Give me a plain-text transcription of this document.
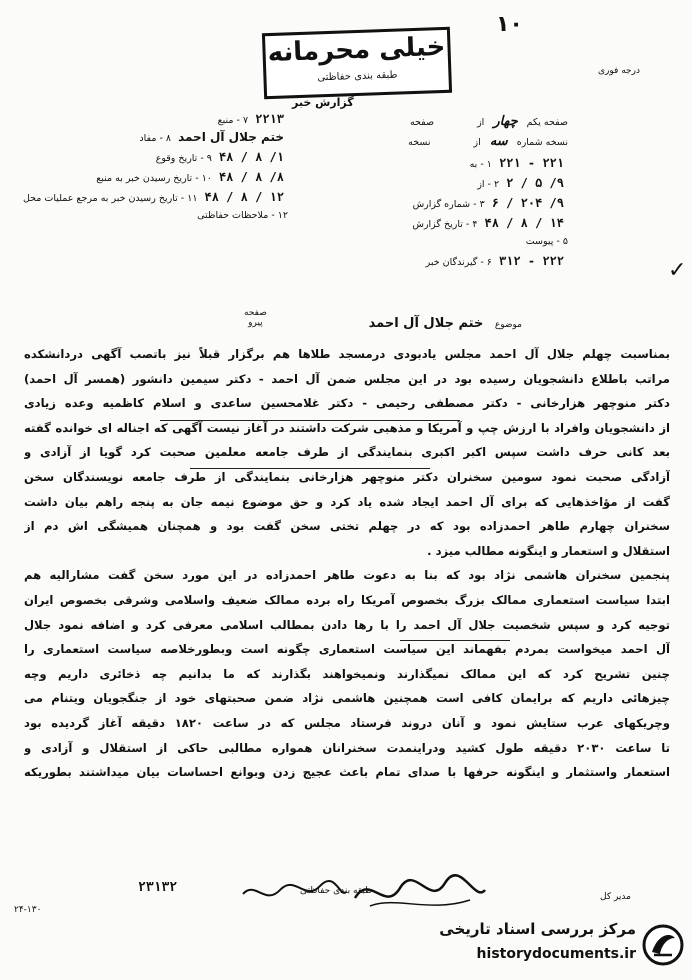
۱۰
خیلی محرمانه
طبقه بندی حفاظتی
گزارش خبر
درجه فوری
صفحه یکم چهار از صفحه
نسخه شماره سه از نسخه
۱ - به ۲۲۱ - ۲۲۱
۲ - از ۹/ ۵ / ۲
۳ - شماره گزارش ۹/ ۲۰۴ / ۶
۴ - تاریخ گزارش ۱۴ / ۸ / ۴۸
۵ - پیوست
۶ - گیرندگان خبر ۲۲۲ - ۳۱۲
۷ - منبع ۲۲۱۳
۸ - مفاد ختم جلال آل احمد
۹ - تاریخ وقوع ۱/ ۸ / ۴۸
۱۰ - تاریخ رسیدن خبر به منبع ۸/ ۸ / ۴۸
۱۱ - تاریخ رسیدن خبر به مرجع عملیات محل ۱۲ / ۸ / ۴۸
۱۲ - ملاحظات حفاظتی
✓
صفحه
پیرو	موضوع ختم جلال آل احمد
بمناسبت چهلم جلال آل احمد مجلس یادبودی درمسجد طلاها هم برگزار قبلاً نیز باتصب آگهی دردانشکده
مراتب باطلاع دانشجویان رسیده بود در این مجلس ضمن آل احمد - دکتر سیمین دانشور (همسر آل احمد)
دکتر منوچهر هزارخانی - دکتر مصطفی رحیمی - دکتر غلامحسین ساعدی و اسلام کاظمیه وعده زیادی
از دانشجویان وافراد با ارزش چپ و آمریکا و مذهبی شرکت داشتند در آغاز نیست آگهی که اجناله ای خوانده گفته
بعد کانی حرف داشت سپس اکبر اکبری بنمایندگی از طرف جامعه معلمین صحبت کرد گویا از آزادی و
آزادگی صحبت نمود سومین سخنران دکتر منوچهر هزارخانی بنمایندگی از طرف جامعه نویسندگان سخن
گفت از مؤاخذهایی که برای آل احمد ایجاد شده یاد کرد و حق موضوع نیمه جان به پنجه راهم بیان داشت
سخنران چهارم طاهر احمدزاده بود که در چهلم تختی سخن گفت بود و همچنان همیشگی اش دم از
استقلال و استعمار و اینگونه مطالب میزد .
پنجمین سخنران هاشمی نژاد بود که بنا به دعوت طاهر احمدزاده در این مورد سخن گفت مشارالیه هم
ابتدا سیاست استعماری ممالک بزرگ بخصوص آمریکا راه برده ممالک ضعیف واسلامی وشرقی بخصوص ایران
توجیه کرد و سپس شخصیت جلال آل احمد را با رها دادن بمطالب اسلامی معرفی کرد و اضافه نمود جلال
آل احمد میخواست بمردم بفهماند این سیاست استعماری چگونه است وبطورخلاصه سیاست استعماری را
چنین تشریح کرد که این ممالک نمیگذارند ونمیخواهند بگذارند که ما بدانیم چه ذخائری داریم وچه
چیزهائی داریم که برایمان کافی است همچنین هاشمی نژاد ضمن صحبتهای خود از جنگجویان ویتنام می
وچریکهای عرب ستایش نمود و آنان دروند فرستاد مجلس که در ساعت ۱۸۲۰ دقیقه آغاز گردیده بود
تا ساعت ۲۰۳۰ دقیقه طول کشید ودراینمدت سخنرانان همواره مطالبی حاکی از استقلال و آزادی و
استعمار واستثمار و اینگونه حرفها با صدای تمام باعث عجیج زدن وبوانع احساسات بیان میداشتند بطوریکه
۲۳۱۳۲
۲۴-۱۳۰
طبقه بندی حفاظتی
مدیر کل
مرکز بررسی اسناد تاریخی
historydocuments.ir
